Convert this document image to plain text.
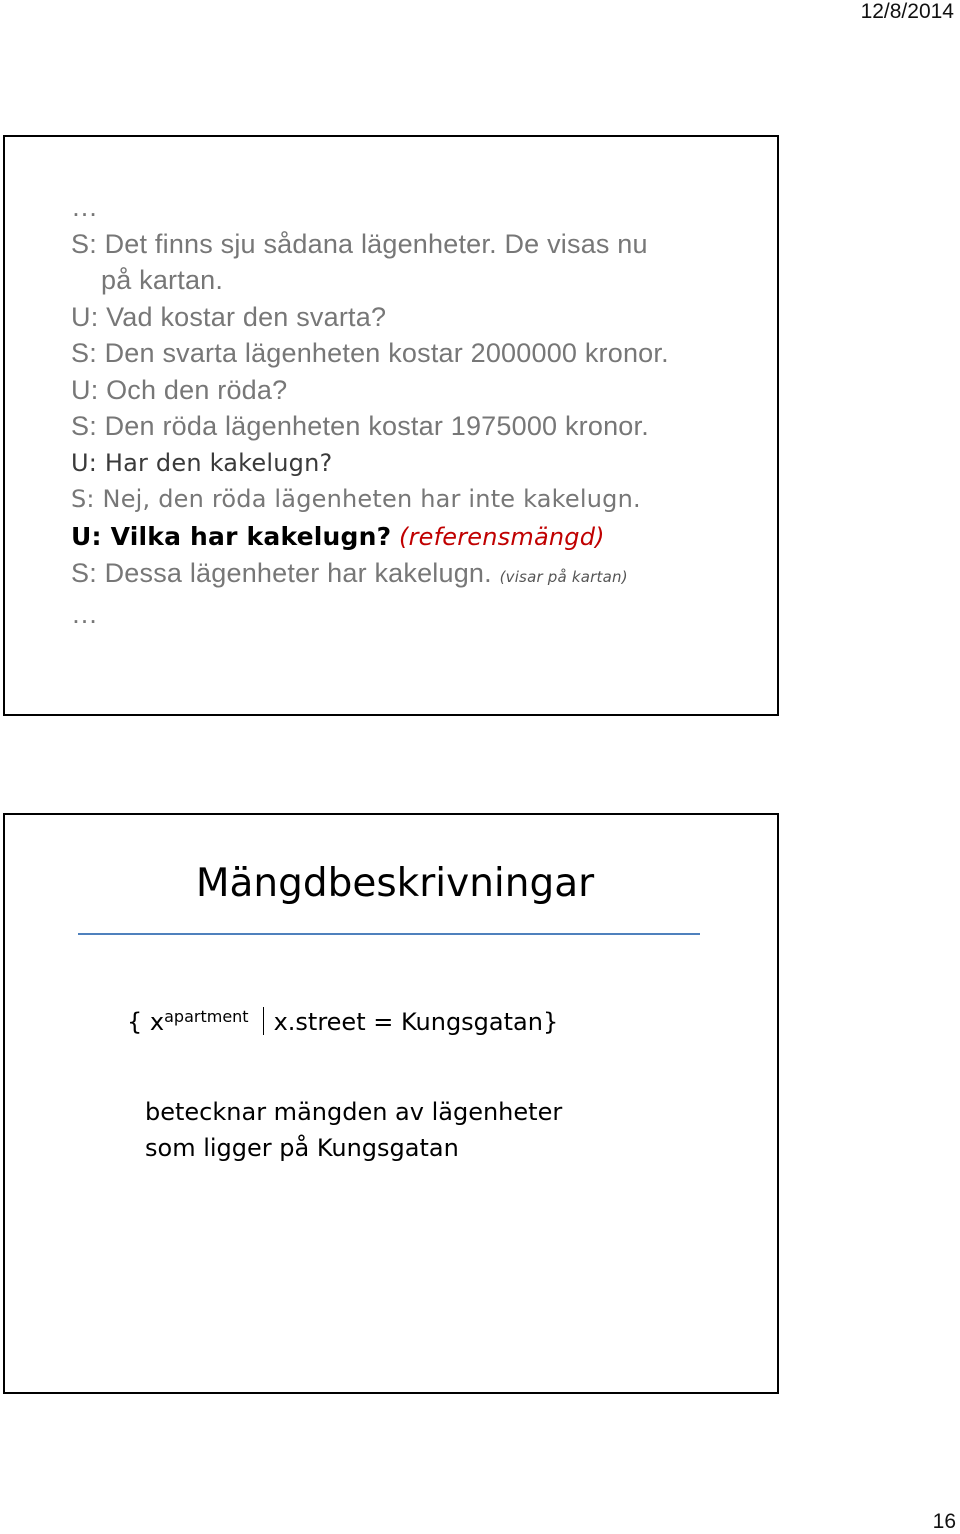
12/8/2014
…
S: Det finns sju sådana lägenheter. De visas nu
på kartan.
U: Vad kostar den svarta?
S: Den svarta lägenheten kostar 2000000 kronor.
U: Och den röda?
S: Den röda lägenheten kostar 1975000 kronor.
U: Har den kakelugn?
S: Nej, den röda lägenheten har inte kakelugn.
U: Vilka har kakelugn? (referensmängd)
S: Dessa lägenheter har kakelugn. (visar på kartan)
…
Mängdbeskrivningar
{ $x^{apartment}$ x.street = Kungsgatan}
betecknar mängden av lägenheter
som ligger på Kungsgatan
16
